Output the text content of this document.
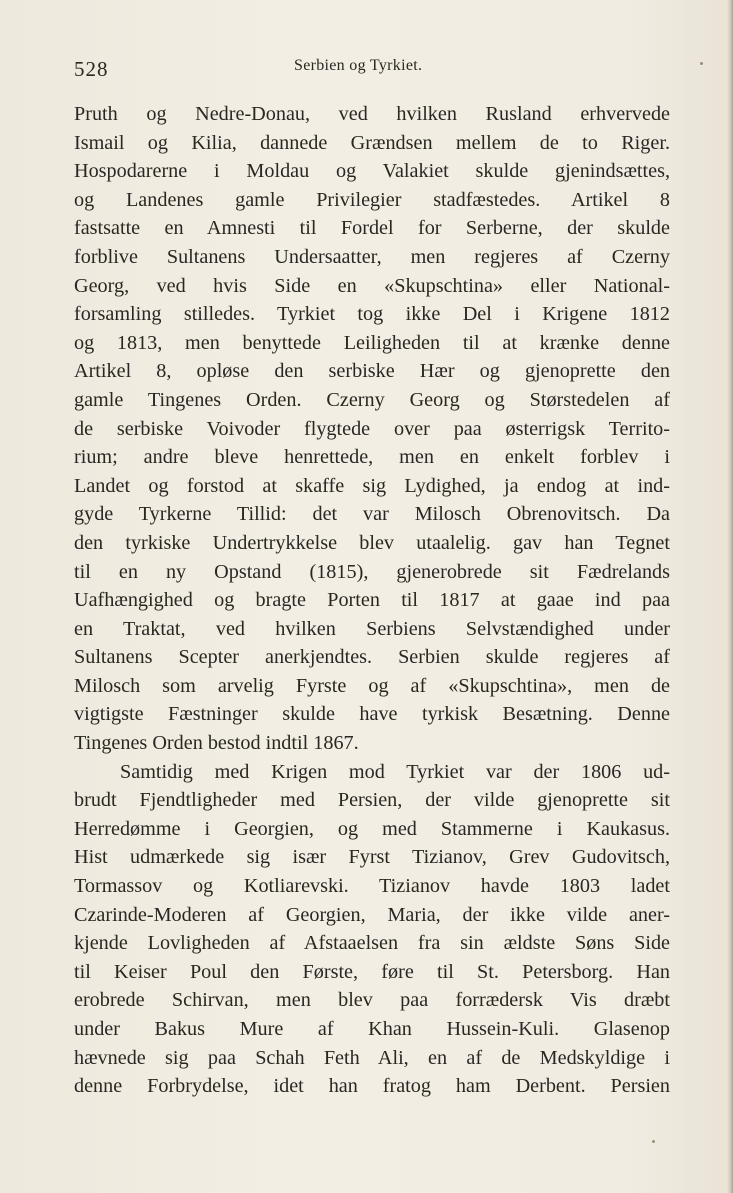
528	Serbien og Tyrkiet.
Pruth og Nedre-Donau, ved hvilken Rusland erhvervede
Ismail og Kilia, dannede Grændsen mellem de to Riger.
Hospodarerne i Moldau og Valakiet skulde gjenindsættes,
og Landenes gamle Privilegier stadfæstedes. Artikel 8
fastsatte en Amnesti til Fordel for Serberne, der skulde
forblive Sultanens Undersaatter, men regjeres af Czerny
Georg, ved hvis Side en «Skupschtina» eller National-
forsamling stilledes. Tyrkiet tog ikke Del i Krigene 1812
og 1813, men benyttede Leiligheden til at krænke denne
Artikel 8, opløse den serbiske Hær og gjenoprette den
gamle Tingenes Orden. Czerny Georg og Størstedelen af
de serbiske Voivoder flygtede over paa østerrigsk Territo-
rium; andre bleve henrettede, men en enkelt forblev i
Landet og forstod at skaffe sig Lydighed, ja endog at ind-
gyde Tyrkerne Tillid: det var Milosch Obrenovitsch. Da
den tyrkiske Undertrykkelse blev utaalelig. gav han Tegnet
til en ny Opstand (1815), gjenerobrede sit Fædrelands
Uafhængighed og bragte Porten til 1817 at gaae ind paa
en Traktat, ved hvilken Serbiens Selvstændighed under
Sultanens Scepter anerkjendtes. Serbien skulde regjeres af
Milosch som arvelig Fyrste og af «Skupschtina», men de
vigtigste Fæstninger skulde have tyrkisk Besætning. Denne
Tingenes Orden bestod indtil 1867.
Samtidig med Krigen mod Tyrkiet var der 1806 ud-
brudt Fjendtligheder med Persien, der vilde gjenoprette sit
Herredømme i Georgien, og med Stammerne i Kaukasus.
Hist udmærkede sig især Fyrst Tizianov, Grev Gudovitsch,
Tormassov og Kotliarevski. Tizianov havde 1803 ladet
Czarinde-Moderen af Georgien, Maria, der ikke vilde aner-
kjende Lovligheden af Afstaaelsen fra sin ældste Søns Side
til Keiser Poul den Første, føre til St. Petersborg. Han
erobrede Schirvan, men blev paa forrædersk Vis dræbt
under Bakus Mure af Khan Hussein-Kuli. Glasenop
hævnede sig paa Schah Feth Ali, en af de Medskyldige i
denne Forbrydelse, idet han fratog ham Derbent. Persien
